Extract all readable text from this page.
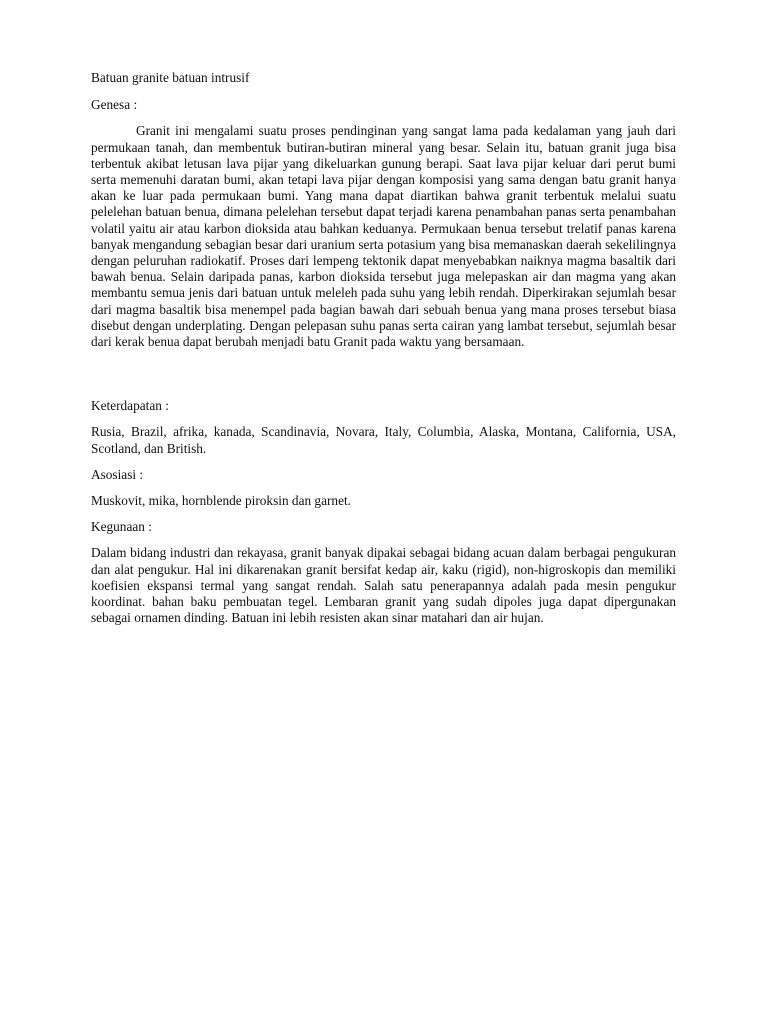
Batuan granite batuan intrusif

Genesa :

Granit ini mengalami suatu proses pendinginan yang sangat lama pada kedalaman yang jauh dari permukaan tanah, dan membentuk butiran-butiran mineral yang besar. Selain itu, batuan granit juga bisa terbentuk akibat letusan lava pijar yang dikeluarkan gunung berapi. Saat lava pijar keluar dari perut bumi serta memenuhi daratan bumi, akan tetapi lava pijar dengan komposisi yang sama dengan batu granit hanya akan ke luar pada permukaan bumi. Yang mana dapat diartikan bahwa granit terbentuk melalui suatu pelelehan batuan benua, dimana pelelehan tersebut dapat terjadi karena penambahan panas serta penambahan volatil yaitu air atau karbon dioksida atau bahkan keduanya. Permukaan benua tersebut trelatif panas karena banyak mengandung sebagian besar dari uranium serta potasium yang bisa memanaskan daerah sekelilingnya dengan peluruhan radiokatif. Proses dari lempeng tektonik dapat menyebabkan naiknya magma basaltik dari bawah benua. Selain daripada panas, karbon dioksida tersebut juga melepaskan air dan magma yang akan membantu semua jenis dari batuan untuk meleleh pada suhu yang lebih rendah. Diperkirakan sejumlah besar dari magma basaltik bisa menempel pada bagian bawah dari sebuah benua yang mana proses tersebut biasa disebut dengan underplating. Dengan pelepasan suhu panas serta cairan yang lambat tersebut, sejumlah besar dari kerak benua dapat berubah menjadi batu Granit pada waktu yang bersamaan.

Keterdapatan :

Rusia, Brazil, afrika, kanada, Scandinavia, Novara, Italy, Columbia, Alaska, Montana, California, USA, Scotland, dan British.

Asosiasi :

Muskovit, mika, hornblende piroksin dan garnet.

Kegunaan :

Dalam bidang industri dan rekayasa, granit banyak dipakai sebagai bidang acuan dalam berbagai pengukuran dan alat pengukur. Hal ini dikarenakan granit bersifat kedap air, kaku (rigid), non-higroskopis dan memiliki koefisien ekspansi termal yang sangat rendah. Salah satu penerapannya adalah pada mesin pengukur koordinat. bahan baku pembuatan tegel. Lembaran granit yang sudah dipoles juga dapat dipergunakan sebagai ornamen dinding. Batuan ini lebih resisten akan sinar matahari dan air hujan.
